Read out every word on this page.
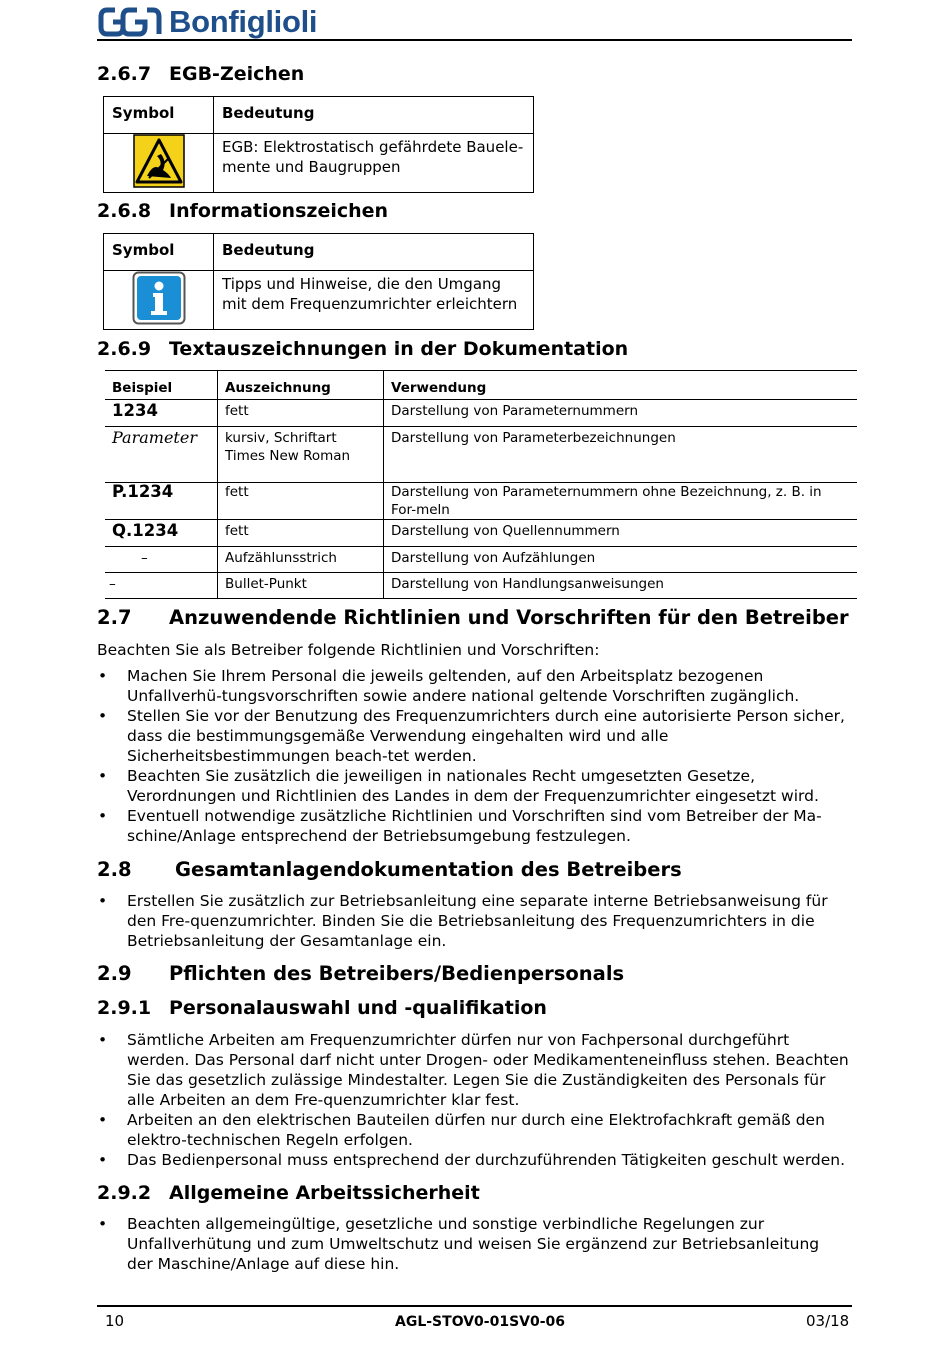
Bonfiglioli
2.6.7 EGB-Zeichen
Symbol	Bedeutung
	EGB: Elektrostatisch gefährdete Bauele-mente und Baugruppen
2.6.8 Informationszeichen
Symbol	Bedeutung
	Tipps und Hinweise, die den Umgang mit dem Frequenzumrichter erleichtern
2.6.9 Textauszeichnungen in der Dokumentation
Beispiel	Auszeichnung	Verwendung
1234	fett	Darstellung von Parameternummern
Parameter	kursiv, Schriftart Times New Roman	Darstellung von Parameterbezeichnungen
P.1234	fett	Darstellung von Parameternummern ohne Bezeichnung, z. B. in For-meln
Q.1234	fett	Darstellung von Quellennummern
–	Aufzählunsstrich	Darstellung von Aufzählungen
–	Bullet-Punkt	Darstellung von Handlungsanweisungen
2.7 Anzuwendende Richtlinien und Vorschriften für den Betreiber
Beachten Sie als Betreiber folgende Richtlinien und Vorschriften:
• Machen Sie Ihrem Personal die jeweils geltenden, auf den Arbeitsplatz bezogenen Unfallverhü-tungsvorschriften sowie andere national geltende Vorschriften zugänglich.
• Stellen Sie vor der Benutzung des Frequenzumrichters durch eine autorisierte Person sicher, dass die bestimmungsgemäße Verwendung eingehalten wird und alle Sicherheitsbestimmungen beach-tet werden.
• Beachten Sie zusätzlich die jeweiligen in nationales Recht umgesetzten Gesetze, Verordnungen und Richtlinien des Landes in dem der Frequenzumrichter eingesetzt wird.
• Eventuell notwendige zusätzliche Richtlinien und Vorschriften sind vom Betreiber der Ma-schine/Anlage entsprechend der Betriebsumgebung festzulegen.
2.8 Gesamtanlagendokumentation des Betreibers
• Erstellen Sie zusätzlich zur Betriebsanleitung eine separate interne Betriebsanweisung für den Fre-quenzumrichter. Binden Sie die Betriebsanleitung des Frequenzumrichters in die Betriebsanleitung der Gesamtanlage ein.
2.9 Pflichten des Betreibers/Bedienpersonals
2.9.1 Personalauswahl und -qualifikation
• Sämtliche Arbeiten am Frequenzumrichter dürfen nur von Fachpersonal durchgeführt werden. Das Personal darf nicht unter Drogen- oder Medikamenteneinfluss stehen. Beachten Sie das gesetzlich zulässige Mindestalter. Legen Sie die Zuständigkeiten des Personals für alle Arbeiten an dem Fre-quenzumrichter klar fest.
• Arbeiten an den elektrischen Bauteilen dürfen nur durch eine Elektrofachkraft gemäß den elektro-technischen Regeln erfolgen.
• Das Bedienpersonal muss entsprechend der durchzuführenden Tätigkeiten geschult werden.
2.9.2 Allgemeine Arbeitssicherheit
• Beachten allgemeingültige, gesetzliche und sonstige verbindliche Regelungen zur Unfallverhütung und zum Umweltschutz und weisen Sie ergänzend zur Betriebsanleitung der Maschine/Anlage auf diese hin.
10	AGL-STOV0-01SV0-06	03/18
